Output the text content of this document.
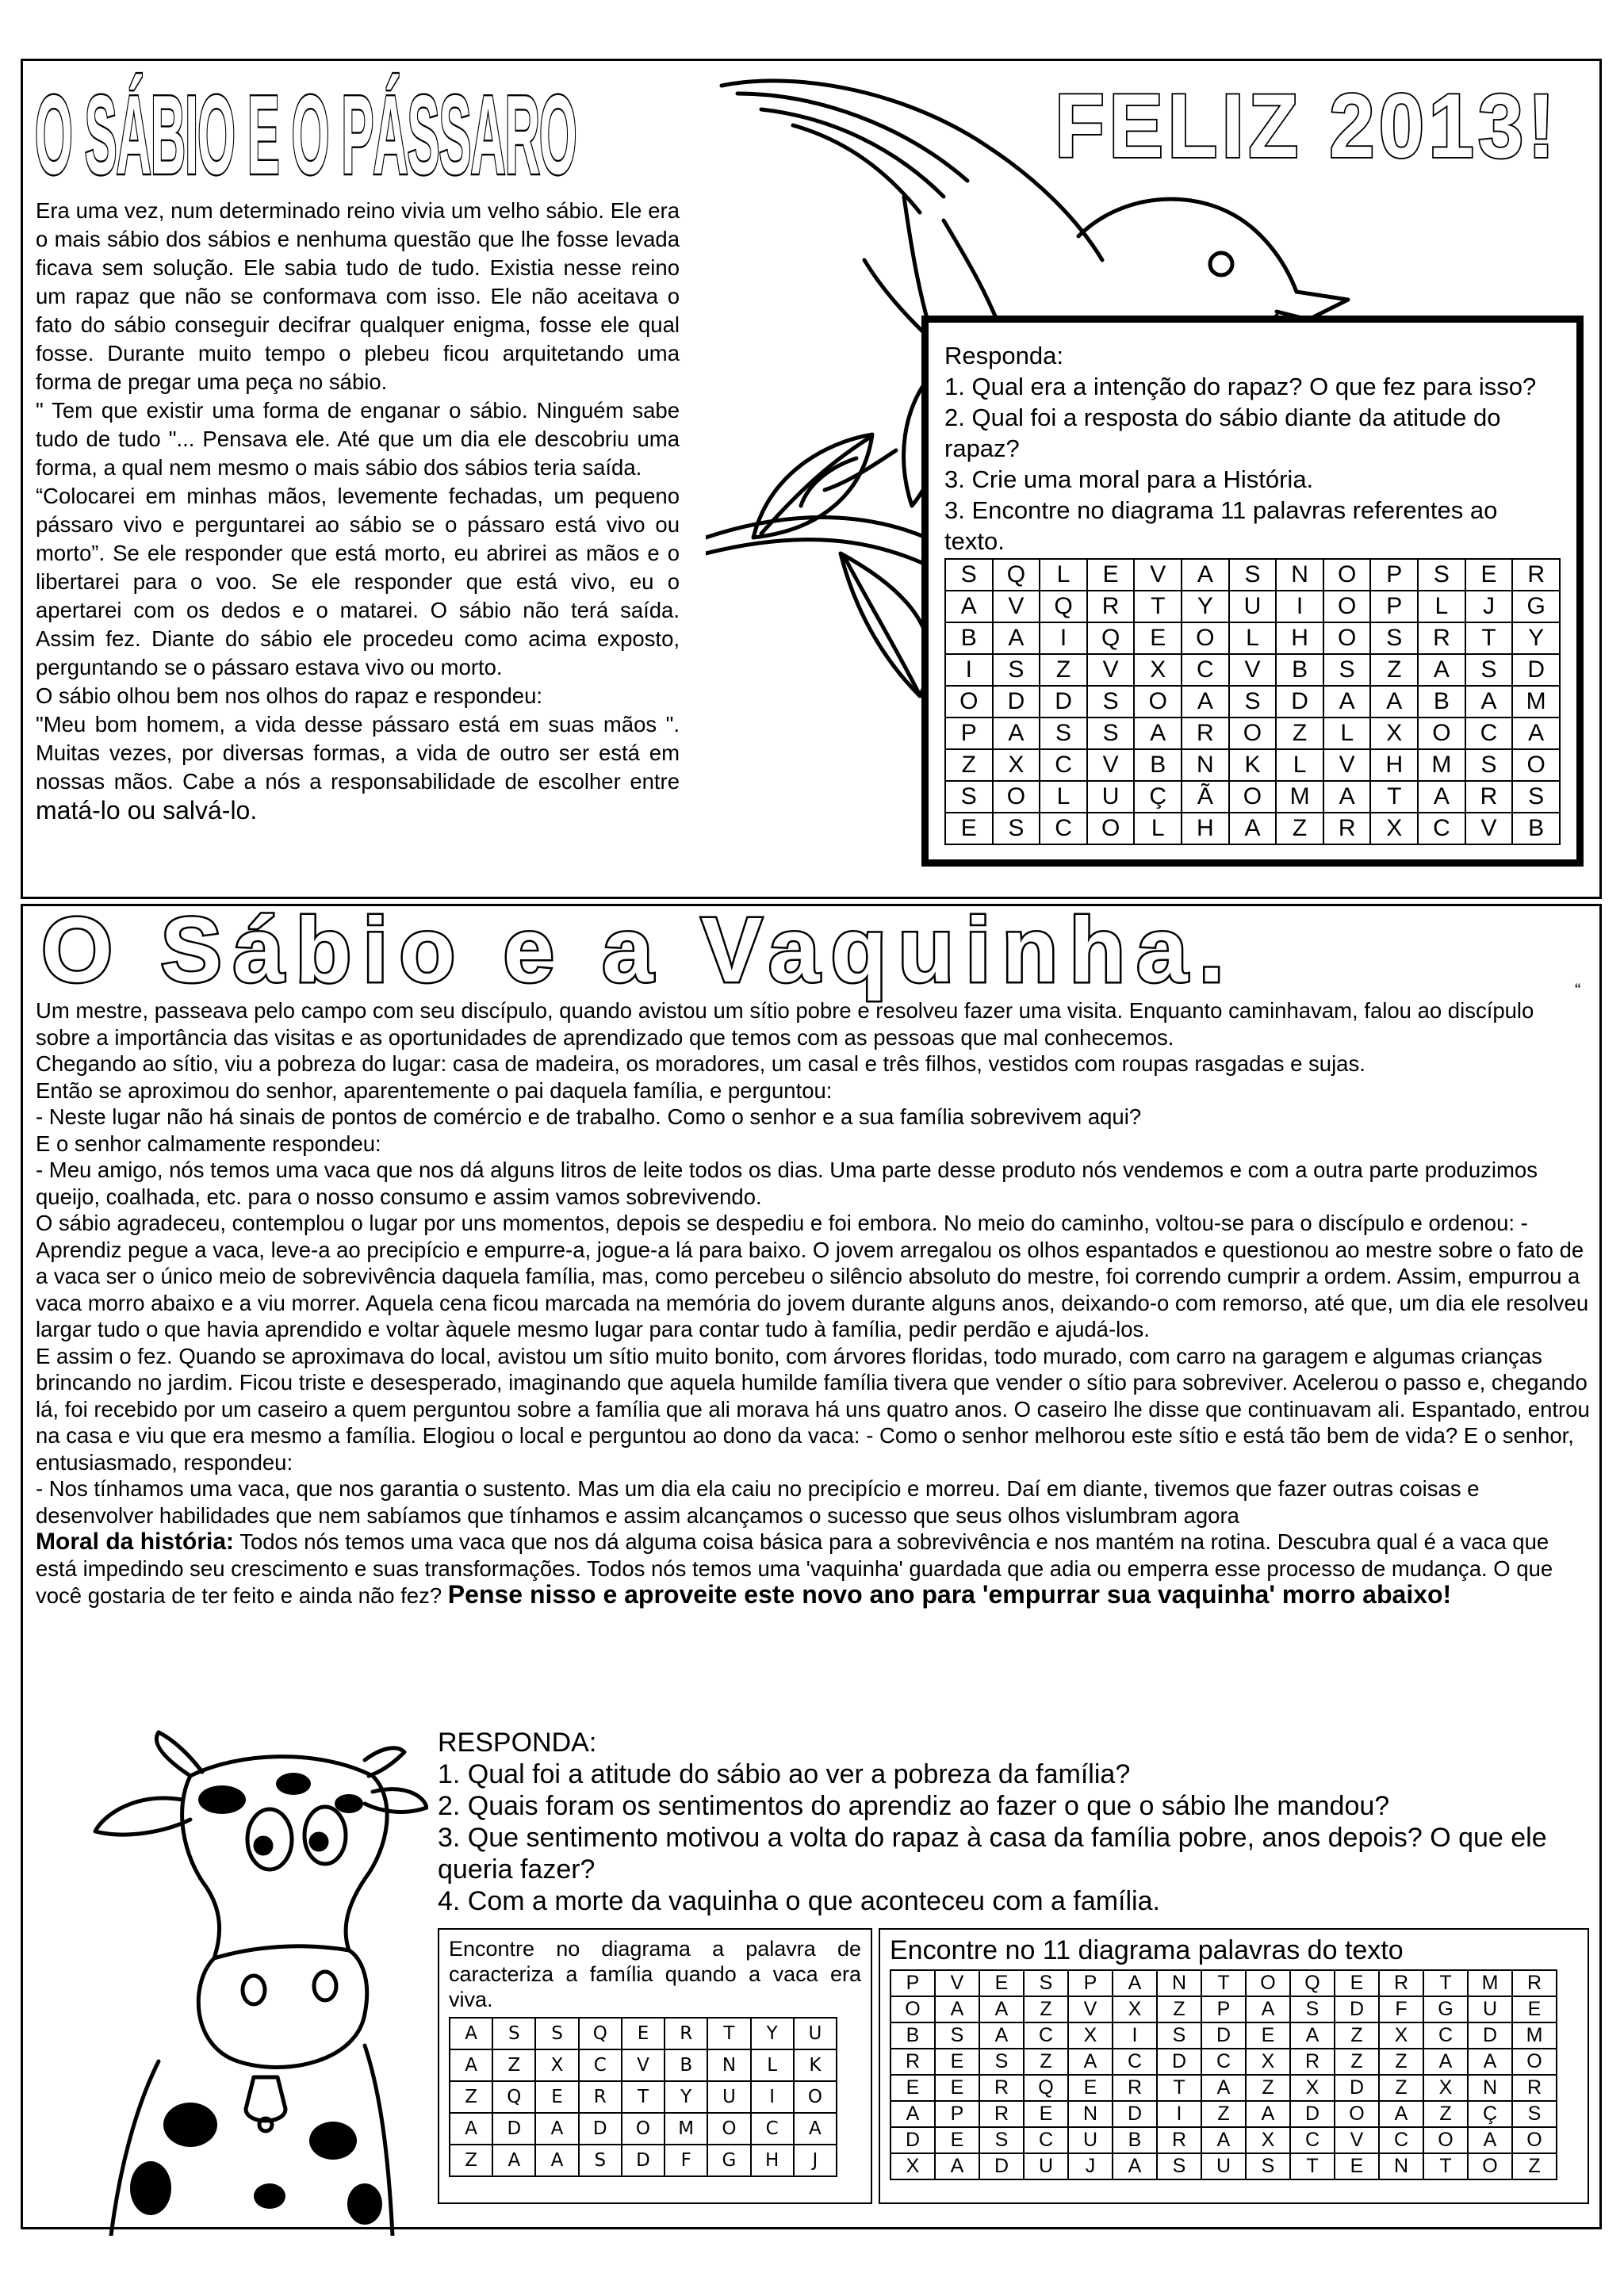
O SÁBIO E O PÁSSARO	FELIZ 2013!

Era uma vez, num determinado reino vivia um velho sábio. Ele era o mais sábio dos sábios e nenhuma questão que lhe fosse levada ficava sem solução. Ele sabia tudo de tudo. Existia nesse reino um rapaz que não se conformava com isso. Ele não aceitava o fato do sábio conseguir decifrar qualquer enigma, fosse ele qual fosse. Durante muito tempo o plebeu ficou arquitetando uma forma de pregar uma peça no sábio.

" Tem que existir uma forma de enganar o sábio. Ninguém sabe tudo de tudo "... Pensava ele. Até que um dia ele descobriu uma forma, a qual nem mesmo o mais sábio dos sábios teria saída.

“Colocarei em minhas mãos, levemente fechadas, um pequeno pássaro vivo e perguntarei ao sábio se o pássaro está vivo ou morto”. Se ele responder que está morto, eu abrirei as mãos e o libertarei para o voo. Se ele responder que está vivo, eu o apertarei com os dedos e o matarei. O sábio não terá saída. Assim fez. Diante do sábio ele procedeu como acima exposto, perguntando se o pássaro estava vivo ou morto.

O sábio olhou bem nos olhos do rapaz e respondeu:

"Meu bom homem, a vida desse pássaro está em suas mãos ". Muitas vezes, por diversas formas, a vida de outro ser está em nossas mãos. Cabe a nós a responsabilidade de escolher entre matá-lo ou salvá-lo.

Responda:
1. Qual era a intenção do rapaz? O que fez para isso?
2. Qual foi a resposta do sábio diante da atitude do rapaz?
3. Crie uma moral para a História.
3. Encontre no diagrama 11 palavras referentes ao texto.
S	Q	L	E	V	A	S	N	O	P	S	E	R
A	V	Q	R	T	Y	U	I	O	P	L	J	G
B	A	I	Q	E	O	L	H	O	S	R	T	Y
I	S	Z	V	X	C	V	B	S	Z	A	S	D
O	D	D	S	O	A	S	D	A	A	B	A	M
P	A	S	S	A	R	O	Z	L	X	O	C	A
Z	X	C	V	B	N	K	L	V	H	M	S	O
S	O	L	U	Ç	Ã	O	M	A	T	A	R	S
E	S	C	O	L	H	A	Z	R	X	C	V	B
O Sábio e a Vaquinha.	“

Um mestre, passeava pelo campo com seu discípulo, quando avistou um sítio pobre e resolveu fazer uma visita. Enquanto caminhavam, falou ao discípulo sobre a importância das visitas e as oportunidades de aprendizado que temos com as pessoas que mal conhecemos.

Chegando ao sítio, viu a pobreza do lugar: casa de madeira, os moradores, um casal e três filhos, vestidos com roupas rasgadas e sujas.

Então se aproximou do senhor, aparentemente o pai daquela família, e perguntou:

- Neste lugar não há sinais de pontos de comércio e de trabalho. Como o senhor e a sua família sobrevivem aqui?

E o senhor calmamente respondeu:

- Meu amigo, nós temos uma vaca que nos dá alguns litros de leite todos os dias. Uma parte desse produto nós vendemos e com a outra parte produzimos queijo, coalhada, etc. para o nosso consumo e assim vamos sobrevivendo.

O sábio agradeceu, contemplou o lugar por uns momentos, depois se despediu e foi embora. No meio do caminho, voltou-se para o discípulo e ordenou: - Aprendiz pegue a vaca, leve-a ao precipício e empurre-a, jogue-a lá para baixo. O jovem arregalou os olhos espantados e questionou ao mestre sobre o fato de a vaca ser o único meio de sobrevivência daquela família, mas, como percebeu o silêncio absoluto do mestre, foi correndo cumprir a ordem. Assim, empurrou a vaca morro abaixo e a viu morrer. Aquela cena ficou marcada na memória do jovem durante alguns anos, deixando-o com remorso, até que, um dia ele resolveu largar tudo o que havia aprendido e voltar àquele mesmo lugar para contar tudo à família, pedir perdão e ajudá-los.

E assim o fez. Quando se aproximava do local, avistou um sítio muito bonito, com árvores floridas, todo murado, com carro na garagem e algumas crianças brincando no jardim. Ficou triste e desesperado, imaginando que aquela humilde família tivera que vender o sítio para sobreviver. Acelerou o passo e, chegando lá, foi recebido por um caseiro a quem perguntou sobre a família que ali morava há uns quatro anos. O caseiro lhe disse que continuavam ali. Espantado, entrou na casa e viu que era mesmo a família. Elogiou o local e perguntou ao dono da vaca: - Como o senhor melhorou este sítio e está tão bem de vida? E o senhor, entusiasmado, respondeu:

- Nos tínhamos uma vaca, que nos garantia o sustento. Mas um dia ela caiu no precipício e morreu. Daí em diante, tivemos que fazer outras coisas e desenvolver habilidades que nem sabíamos que tínhamos e assim alcançamos o sucesso que seus olhos vislumbram agora

Moral da história: Todos nós temos uma vaca que nos dá alguma coisa básica para a sobrevivência e nos mantém na rotina. Descubra qual é a vaca que está impedindo seu crescimento e suas transformações. Todos nós temos uma 'vaquinha' guardada que adia ou emperra esse processo de mudança. O que você gostaria de ter feito e ainda não fez? Pense nisso e aproveite este novo ano para 'empurrar sua vaquinha' morro abaixo!

RESPONDA:

1. Qual foi a atitude do sábio ao ver a pobreza da família?

2. Quais foram os sentimentos do aprendiz ao fazer o que o sábio lhe mandou?

3. Que sentimento motivou a volta do rapaz à casa da família pobre, anos depois? O que ele queria fazer?

4. Com a morte da vaquinha o que aconteceu com a família.

Encontre no diagrama a palavra de caracteriza a família quando a vaca era viva.
A	S	S	Q	E	R	T	Y	U
A	Z	X	C	V	B	N	L	K
Z	Q	E	R	T	Y	U	I	O
A	D	A	D	O	M	O	C	A
Z	A	A	S	D	F	G	H	J
Encontre no 11 diagrama palavras do texto
P	V	E	S	P	A	N	T	O	Q	E	R	T	M	R
O	A	A	Z	V	X	Z	P	A	S	D	F	G	U	E
B	S	A	C	X	I	S	D	E	A	Z	X	C	D	M
R	E	S	Z	A	C	D	C	X	R	Z	Z	A	A	O
E	E	R	Q	E	R	T	A	Z	X	D	Z	X	N	R
A	P	R	E	N	D	I	Z	A	D	O	A	Z	Ç	S
D	E	S	C	U	B	R	A	X	C	V	C	O	A	O
X	A	D	U	J	A	S	U	S	T	E	N	T	O	Z
